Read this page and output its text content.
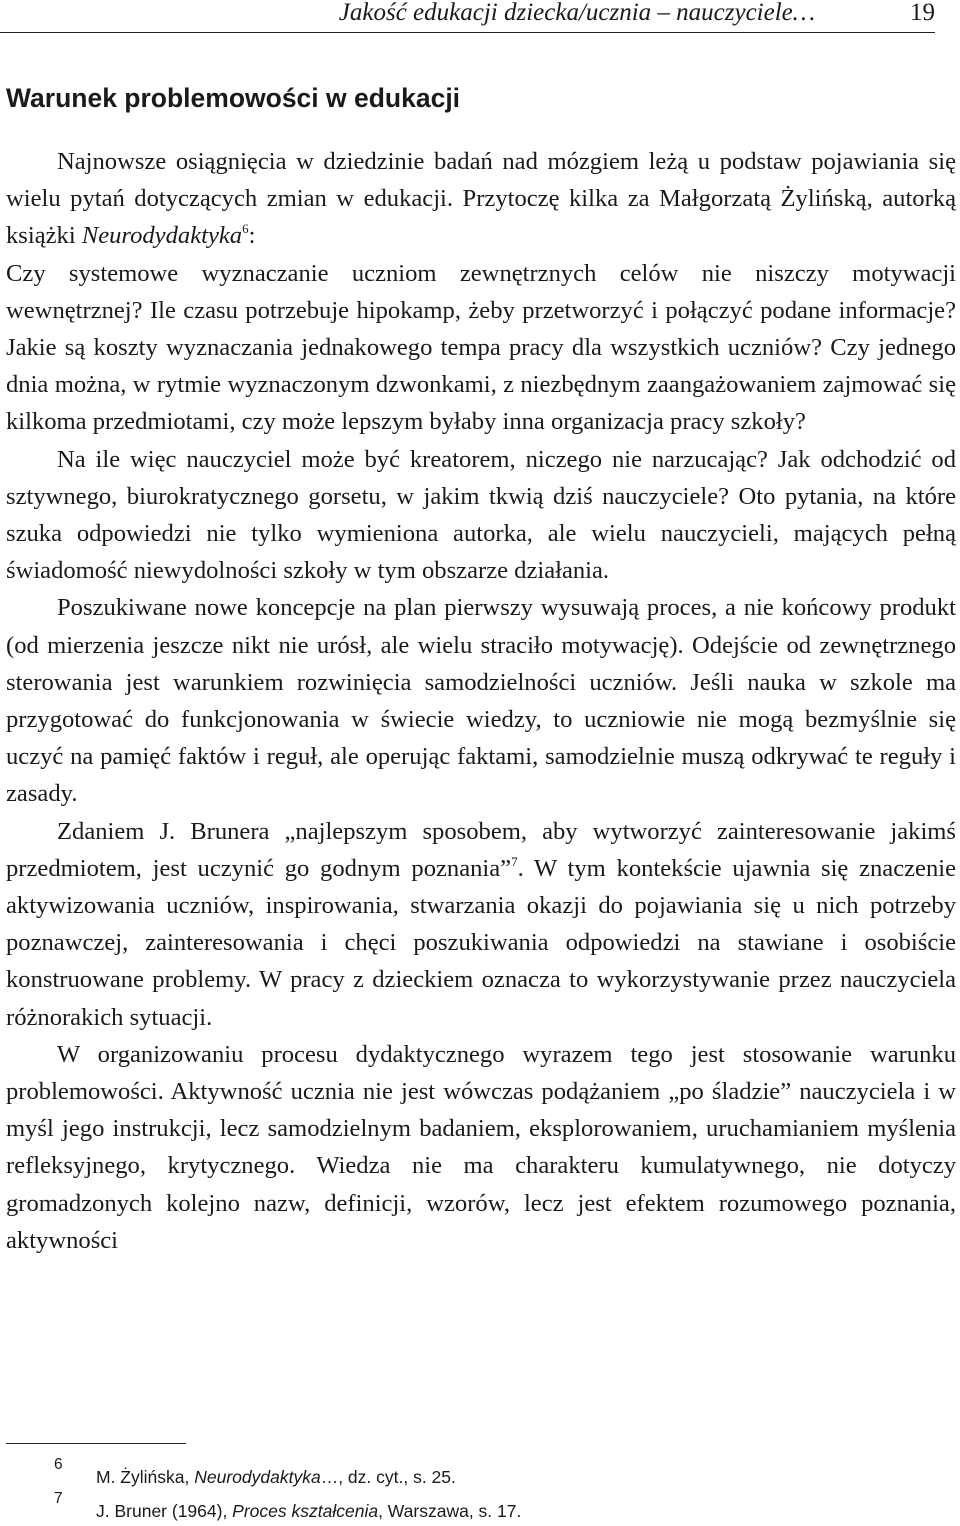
Jakość edukacji dziecka/ucznia – nauczyciele…	19
Warunek problemowości w edukacji

Najnowsze osiągnięcia w dziedzinie badań nad mózgiem leżą u podstaw pojawiania się wielu pytań dotyczących zmian w edukacji. Przytoczę kilka za Małgorzatą Żylińską, autorką książki Neurodydaktyka$^6$:

Czy systemowe wyznaczanie uczniom zewnętrznych celów nie niszczy motywacji wewnętrznej? Ile czasu potrzebuje hipokamp, żeby przetworzyć i połączyć podane informacje? Jakie są koszty wyznaczania jednakowego tempa pracy dla wszystkich uczniów? Czy jednego dnia można, w rytmie wyznaczonym dzwonkami, z niezbędnym zaangażowaniem zajmować się kilkoma przedmiotami, czy może lepszym byłaby inna organizacja pracy szkoły?

Na ile więc nauczyciel może być kreatorem, niczego nie narzucając? Jak odchodzić od sztywnego, biurokratycznego gorsetu, w jakim tkwią dziś nauczyciele? Oto pytania, na które szuka odpowiedzi nie tylko wymieniona autorka, ale wielu nauczycieli, mających pełną świadomość niewydolności szkoły w tym obszarze działania.

Poszukiwane nowe koncepcje na plan pierwszy wysuwają proces, a nie końcowy produkt (od mierzenia jeszcze nikt nie urósł, ale wielu straciło motywację). Odejście od zewnętrznego sterowania jest warunkiem rozwinięcia samodzielności uczniów. Jeśli nauka w szkole ma przygotować do funkcjonowania w świecie wiedzy, to uczniowie nie mogą bezmyślnie się uczyć na pamięć faktów i reguł, ale operując faktami, samodzielnie muszą odkrywać te reguły i zasady.

Zdaniem J. Brunera „najlepszym sposobem, aby wytworzyć zainteresowanie jakimś przedmiotem, jest uczynić go godnym poznania”$^7$. W tym kontekście ujawnia się znaczenie aktywizowania uczniów, inspirowania, stwarzania okazji do pojawiania się u nich potrzeby poznawczej, zainteresowania i chęci poszukiwania odpowiedzi na stawiane i osobiście konstruowane problemy. W pracy z dzieckiem oznacza to wykorzystywanie przez nauczyciela różnorakich sytuacji.

W organizowaniu procesu dydaktycznego wyrazem tego jest stosowanie warunku problemowości. Aktywność ucznia nie jest wówczas podążaniem „po śladzie” nauczyciela i w myśl jego instrukcji, lecz samodzielnym badaniem, eksplorowaniem, uruchamianiem myślenia refleksyjnego, krytycznego. Wiedza nie ma charakteru kumulatywnego, nie dotyczy gromadzonych kolejno nazw, definicji, wzorów, lecz jest efektem rozumowego poznania, aktywności

6
M. Żylińska, Neurodydaktyka…, dz. cyt., s. 25.
7
J. Bruner (1964), Proces kształcenia, Warszawa, s. 17.
